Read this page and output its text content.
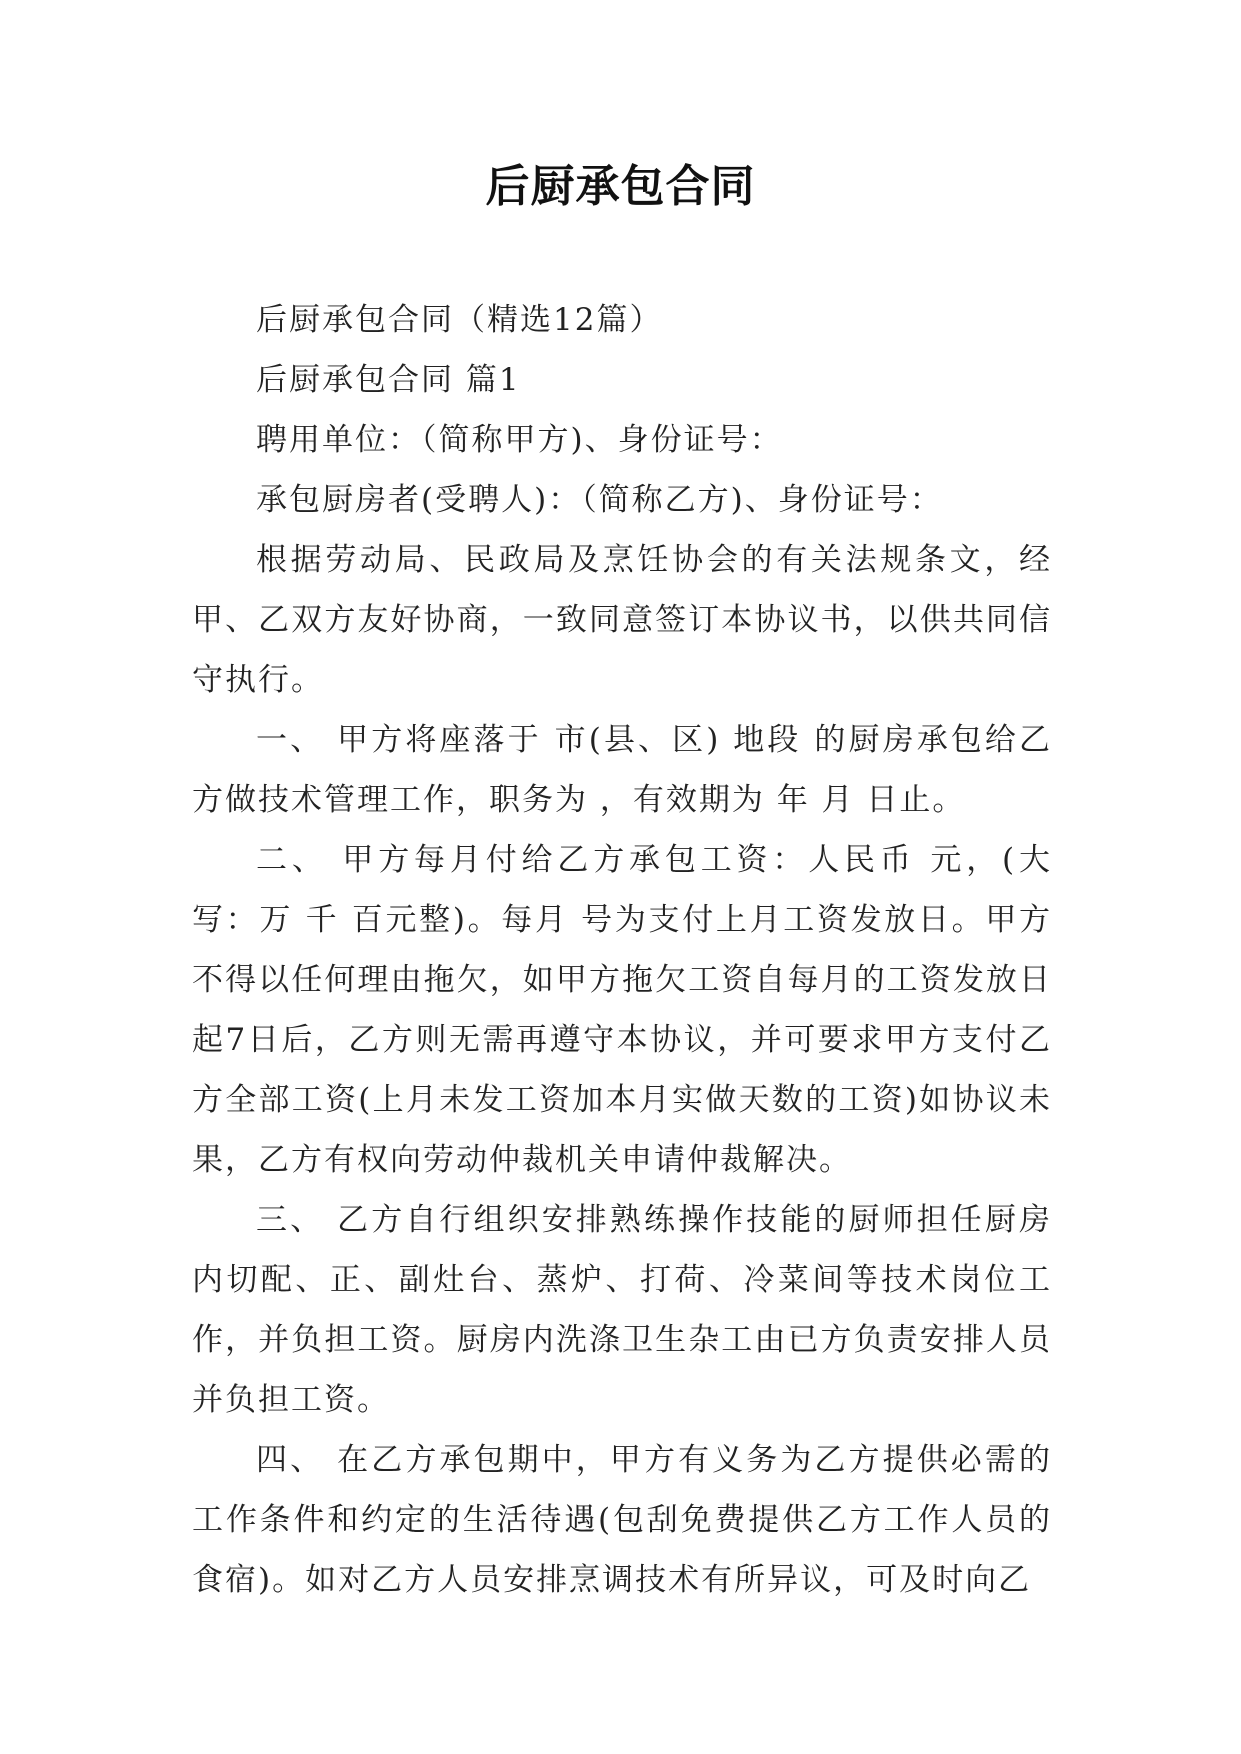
后厨承包合同

后厨承包合同（精选12篇）

后厨承包合同 篇1

聘用单位：（简称甲方)、身份证号：

承包厨房者(受聘人)：（简称乙方)、身份证号：

根据劳动局、民政局及烹饪协会的有关法规条文，经甲、乙双方友好协商，一致同意签订本协议书，以供共同信守执行。

一、 甲方将座落于 市(县、区) 地段 的厨房承包给乙方做技术管理工作，职务为 ，有效期为 年 月 日止。

二、 甲方每月付给乙方承包工资：人民币 元，(大写：万 千 百元整)。每月 号为支付上月工资发放日。甲方不得以任何理由拖欠，如甲方拖欠工资自每月的工资发放日起7日后，乙方则无需再遵守本协议，并可要求甲方支付乙方全部工资(上月未发工资加本月实做天数的工资)如协议未果，乙方有权向劳动仲裁机关申请仲裁解决。

三、 乙方自行组织安排熟练操作技能的厨师担任厨房内切配、正、副灶台、蒸炉、打荷、冷菜间等技术岗位工作，并负担工资。厨房内洗涤卫生杂工由已方负责安排人员并负担工资。

四、 在乙方承包期中，甲方有义务为乙方提供必需的工作条件和约定的生活待遇(包刮免费提供乙方工作人员的食宿)。如对乙方人员安排烹调技术有所异议，可及时向乙
